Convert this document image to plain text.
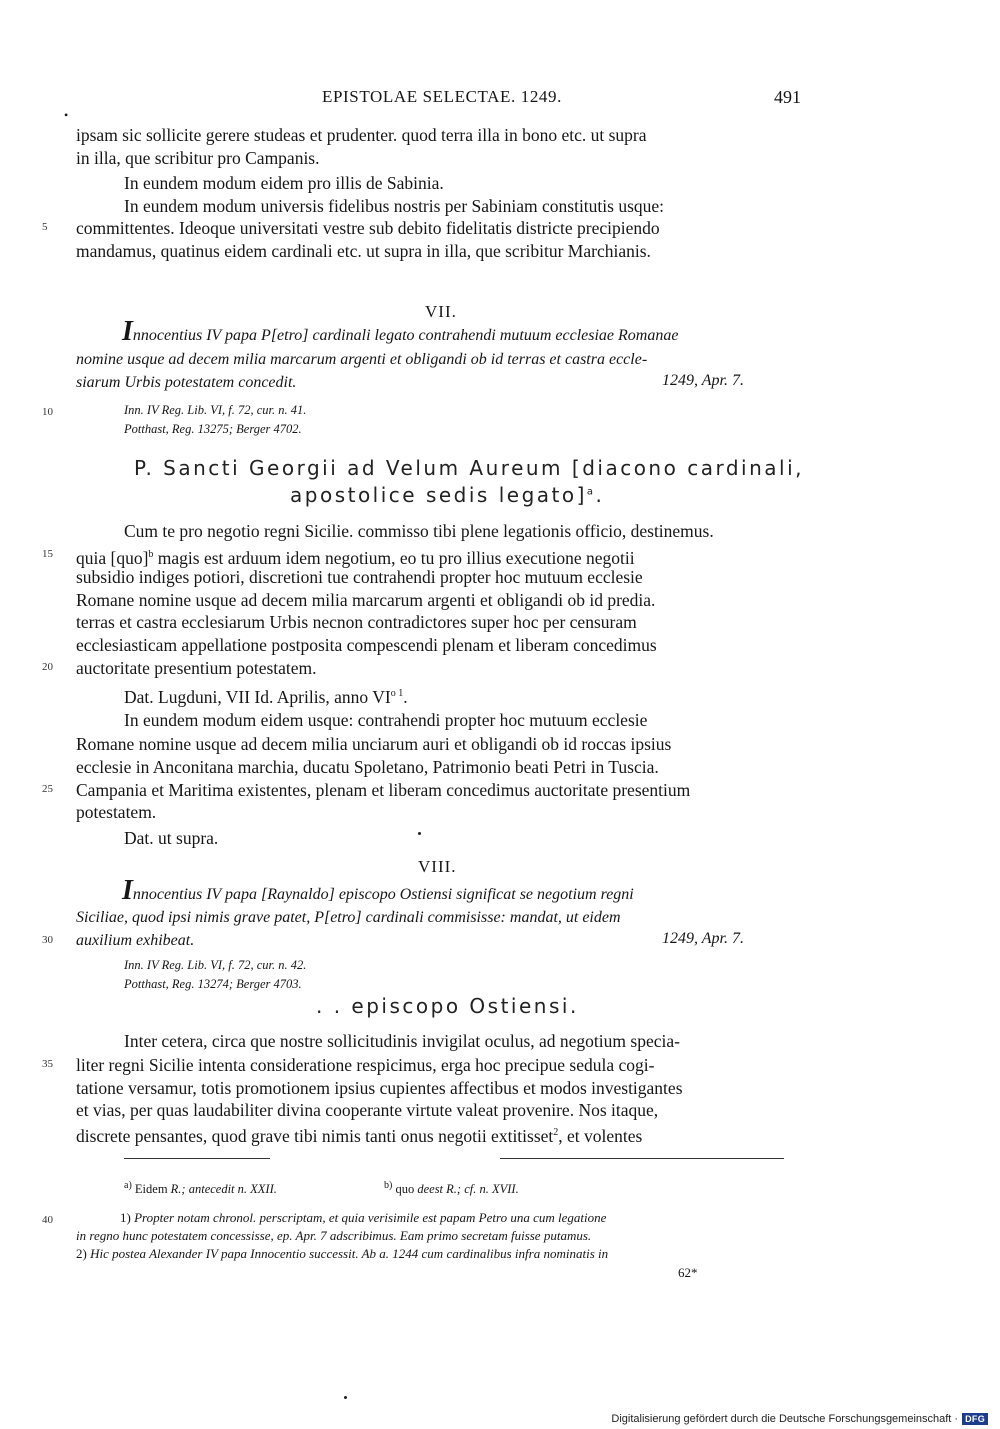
EPISTOLAE SELECTAE. 1249.	491
•
ipsam sic sollicite gerere studeas et prudenter. quod terra illa in bono etc. ut supra
in illa, que scribitur pro Campanis.
In eundem modum eidem pro illis de Sabinia.
In eundem modum universis fidelibus nostris per Sabiniam constitutis usque:
5 committentes. Ideoque universitati vestre sub debito fidelitatis districte precipiendo
mandamus, quatinus eidem cardinali etc. ut supra in illa, que scribitur Marchianis.
VII.
Innocentius IV papa P[etro] cardinali legato contrahendi mutuum ecclesiae Romanae
nomine usque ad decem milia marcarum argenti et obligandi ob id terras et castra eccle-
siarum Urbis potestatem concedit.	1249, Apr. 7.
10	Inn. IV Reg. Lib. VI, f. 72, cur. n. 41.
Potthast, Reg. 13275; Berger 4702.
P. Sancti Georgii ad Velum Aureum [diacono cardinali,
apostolice sedis legato]$^a$.
Cum te pro negotio regni Sicilie. commisso tibi plene legationis officio, destinemus.
15 quia [quo]$^b$ magis est arduum idem negotium, eo tu pro illius executione negotii
subsidio indiges potiori, discretioni tue contrahendi propter hoc mutuum ecclesie
Romane nomine usque ad decem milia marcarum argenti et obligandi ob id predia.
terras et castra ecclesiarum Urbis necnon contradictores super hoc per censuram
ecclesiasticam appellatione postposita compescendi plenam et liberam concedimus
20 auctoritate presentium potestatem.
Dat. Lugduni, VII Id. Aprilis, anno $VI^{o 1}$.
In eundem modum eidem usque: contrahendi propter hoc mutuum ecclesie
Romane nomine usque ad decem milia unciarum auri et obligandi ob id roccas ipsius
ecclesie in Anconitana marchia, ducatu Spoletano, Patrimonio beati Petri in Tuscia.
25 Campania et Maritima existentes, plenam et liberam concedimus auctoritate presentium
potestatem.
Dat. ut supra.
VIII.
Innocentius IV papa [Raynaldo] episcopo Ostiensi significat se negotium regni
Siciliae, quod ipsi nimis grave patet, P[etro] cardinali commisisse: mandat, ut eidem
30 auxilium exhibeat.	1249, Apr. 7.
Inn. IV Reg. Lib. VI, f. 72, cur. n. 42.
Potthast, Reg. 13274; Berger 4703.
. . episcopo Ostiensi.
Inter cetera, circa que nostre sollicitudinis invigilat oculus, ad negotium specia-
35 liter regni Sicilie intenta consideratione respicimus, erga hoc precipue sedula cogi-
tatione versamur, totis promotionem ipsius cupientes affectibus et modos investigantes
et vias, per quas laudabiliter divina cooperante virtute valeat provenire. Nos itaque,
discrete pensantes, quod grave tibi nimis tanti onus negotii extitisset$^2$, et volentes
$^{a)}$ Eidem R.; antecedit n. XXII.	$^{b)}$ quo deest R.; cf. n. XVII.
40	1) Propter notam chronol. perscriptam, et quia verisimile est papam Petro una cum legatione
in regno hunc potestatem concessisse, ep. Apr. 7 adscribimus. Eam primo secretam fuisse putamus.
2) Hic postea Alexander IV papa Innocentio successit. Ab a. 1244 cum cardinalibus infra nominatis in
62*
Digitalisierung gefördert durch die Deutsche Forschungsgemeinschaft · DFG
